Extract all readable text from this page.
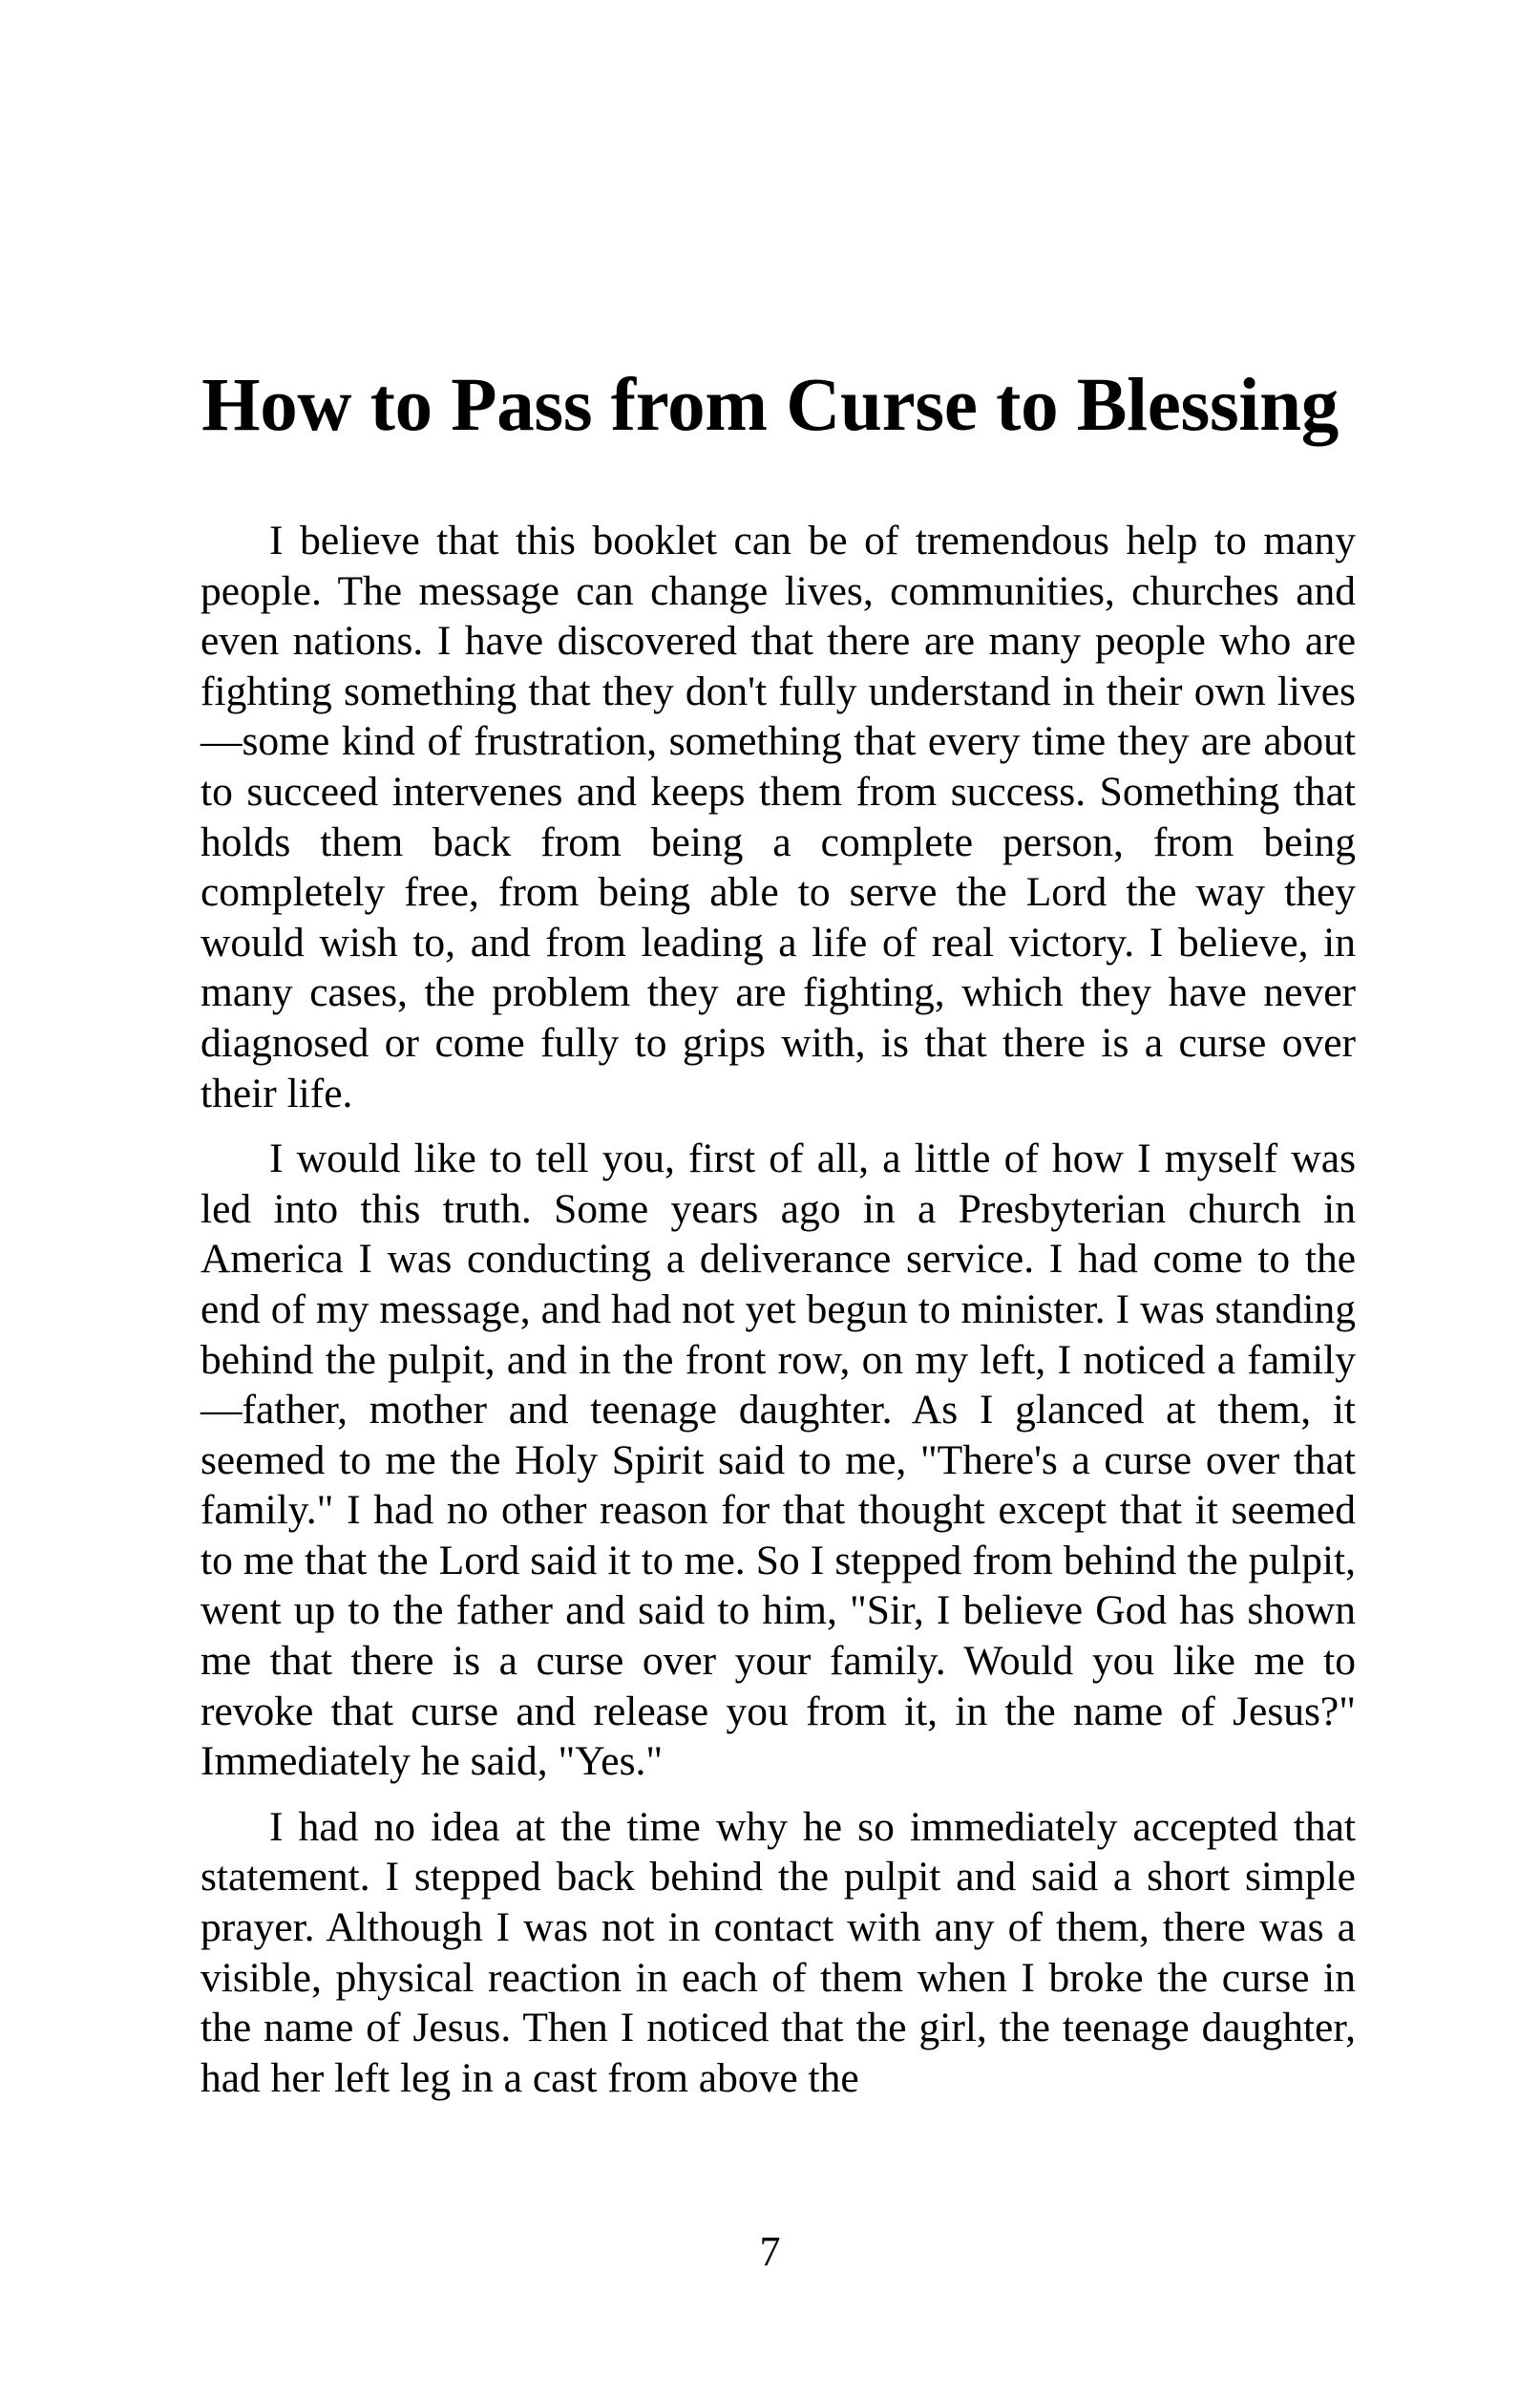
How to Pass from Curse to Blessing

I believe that this booklet can be of tremendous help to many people. The message can change lives, communities, churches and even nations. I have discovered that there are many people who are fighting something that they don't fully understand in their own lives—some kind of frustration, something that every time they are about to succeed intervenes and keeps them from success. Something that holds them back from being a complete person, from being completely free, from being able to serve the Lord the way they would wish to, and from leading a life of real victory. I believe, in many cases, the problem they are fighting, which they have never diagnosed or come fully to grips with, is that there is a curse over their life.

I would like to tell you, first of all, a little of how I myself was led into this truth. Some years ago in a Presbyterian church in America I was conducting a deliverance service. I had come to the end of my message, and had not yet begun to minister. I was standing behind the pulpit, and in the front row, on my left, I noticed a family—father, mother and teenage daughter. As I glanced at them, it seemed to me the Holy Spirit said to me, "There's a curse over that family." I had no other reason for that thought except that it seemed to me that the Lord said it to me. So I stepped from behind the pulpit, went up to the father and said to him, "Sir, I believe God has shown me that there is a curse over your family. Would you like me to revoke that curse and release you from it, in the name of Jesus?" Immediately he said, "Yes."

I had no idea at the time why he so immediately accepted that statement. I stepped back behind the pulpit and said a short simple prayer. Although I was not in contact with any of them, there was a visible, physical reaction in each of them when I broke the curse in the name of Jesus. Then I noticed that the girl, the teenage daughter, had her left leg in a cast from above the

7
